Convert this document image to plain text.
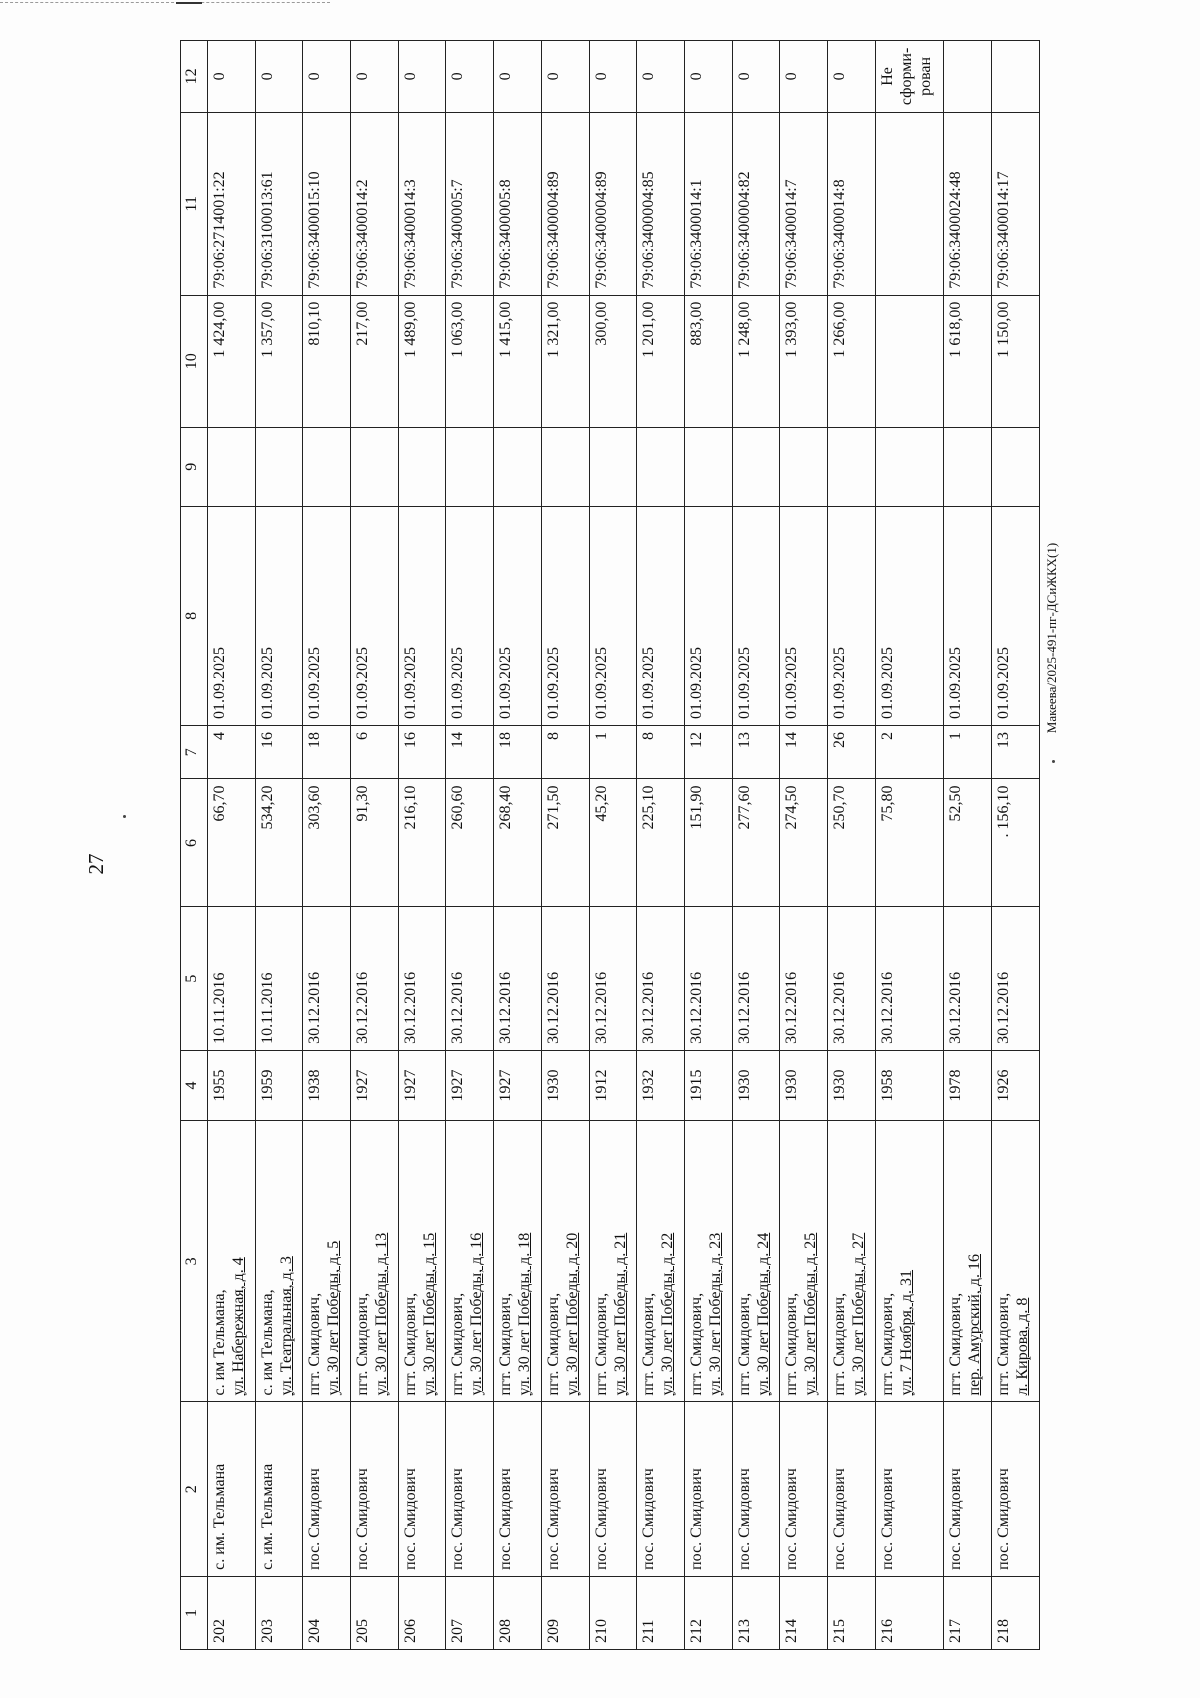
27
1	2	3	4	5	6	7	8	9	10	11	12
202	с. им. Тельмана	с. им Тельмана, ул. Набережная, д. 4	1955	10.11.2016	66,70	4	01.09.2025		1 424,00	79:06:2714001:22	0
203	с. им. Тельмана	с. им Тельмана, ул. Театральная, д. 3	1959	10.11.2016	534,20	16	01.09.2025		1 357,00	79:06:3100013:61	0
204	пос. Смидович	пгт. Смидович, ул. 30 лет Победы, д. 5	1938	30.12.2016	303,60	18	01.09.2025		810,10	79:06:3400015:10	0
205	пос. Смидович	пгт. Смидович, ул. 30 лет Победы, д. 13	1927	30.12.2016	91,30	6	01.09.2025		217,00	79:06:3400014:2	0
206	пос. Смидович	пгт. Смидович, ул. 30 лет Победы, д. 15	1927	30.12.2016	216,10	16	01.09.2025		1 489,00	79:06:3400014:3	0
207	пос. Смидович	пгт. Смидович, ул. 30 лет Победы, д. 16	1927	30.12.2016	260,60	14	01.09.2025		1 063,00	79:06:3400005:7	0
208	пос. Смидович	пгт. Смидович, ул. 30 лет Победы, д. 18	1927	30.12.2016	268,40	18	01.09.2025		1 415,00	79:06:3400005:8	0
209	пос. Смидович	пгт. Смидович, ул. 30 лет Победы, д. 20	1930	30.12.2016	271,50	8	01.09.2025		1 321,00	79:06:3400004:89	0
210	пос. Смидович	пгт. Смидович, ул. 30 лет Победы, д. 21	1912	30.12.2016	45,20	1	01.09.2025		300,00	79:06:3400004:89	0
211	пос. Смидович	пгт. Смидович, ул. 30 лет Победы, д. 22	1932	30.12.2016	225,10	8	01.09.2025		1 201,00	79:06:3400004:85	0
212	пос. Смидович	пгт. Смидович, ул. 30 лет Победы, д. 23	1915	30.12.2016	151,90	12	01.09.2025		883,00	79:06:3400014:1	0
213	пос. Смидович	пгт. Смидович, ул. 30 лет Победы, д. 24	1930	30.12.2016	277,60	13	01.09.2025		1 248,00	79:06:3400004:82	0
214	пос. Смидович	пгт. Смидович, ул. 30 лет Победы, д. 25	1930	30.12.2016	274,50	14	01.09.2025		1 393,00	79:06:3400014:7	0
215	пос. Смидович	пгт. Смидович, ул. 30 лет Победы, д. 27	1930	30.12.2016	250,70	26	01.09.2025		1 266,00	79:06:3400014:8	0
216	пос. Смидович	пгт. Смидович, ул. 7 Ноября, д. 31	1958	30.12.2016	75,80	2	01.09.2025				Не сформи-рован
217	пос. Смидович	пгт. Смидович, пер. Амурский, д. 16	1978	30.12.2016	52,50	1	01.09.2025		1 618,00	79:06:3400024:48	
218	пос. Смидович	пгт. Смидович, л. Кирова, д. 8	1926	30.12.2016	. 156,10	13	01.09.2025		1 150,00	79:06:3400014:17	
Макеева/2025-491-пг-ДСиЖКХ(1)
